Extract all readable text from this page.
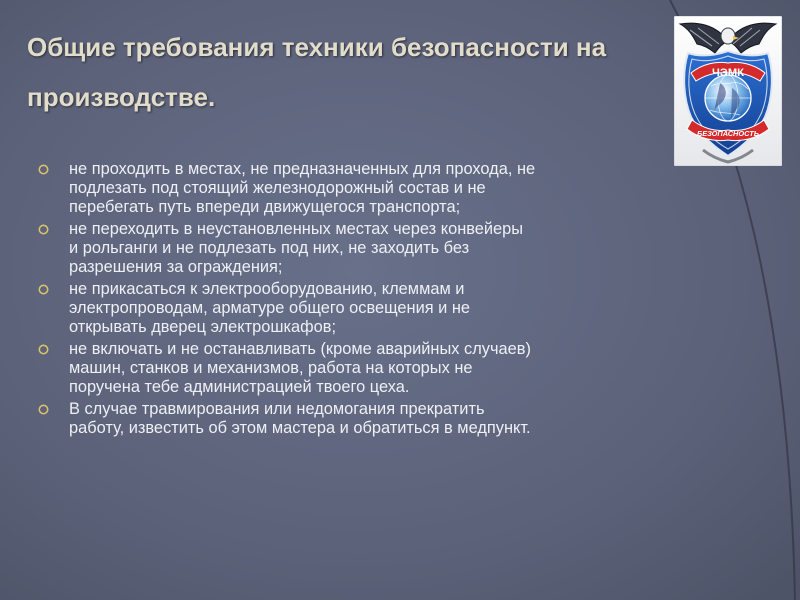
Общие требования техники безопасности на
производстве.
не проходить в местах, не предназначенных для прохода, не
подлезать под стоящий железнодорожный состав и не
перебегать путь впереди движущегося транспорта;
не переходить в неустановленных местах через конвейеры
и рольганги и не подлезать под них, не заходить без
разрешения за ограждения;
не прикасаться к электрооборудованию, клеммам и
электропроводам, арматуре общего освещения и не
открывать дверец электрошкафов;
не включать и не останавливать (кроме аварийных случаев)
машин, станков и механизмов, работа на которых не
поручена тебе администрацией твоего цеха.
В случае травмирования или недомогания прекратить
работу, известить об этом мастера и обратиться в медпункт.
ЧЭМК
БЕЗОПАСНОСТЬ
